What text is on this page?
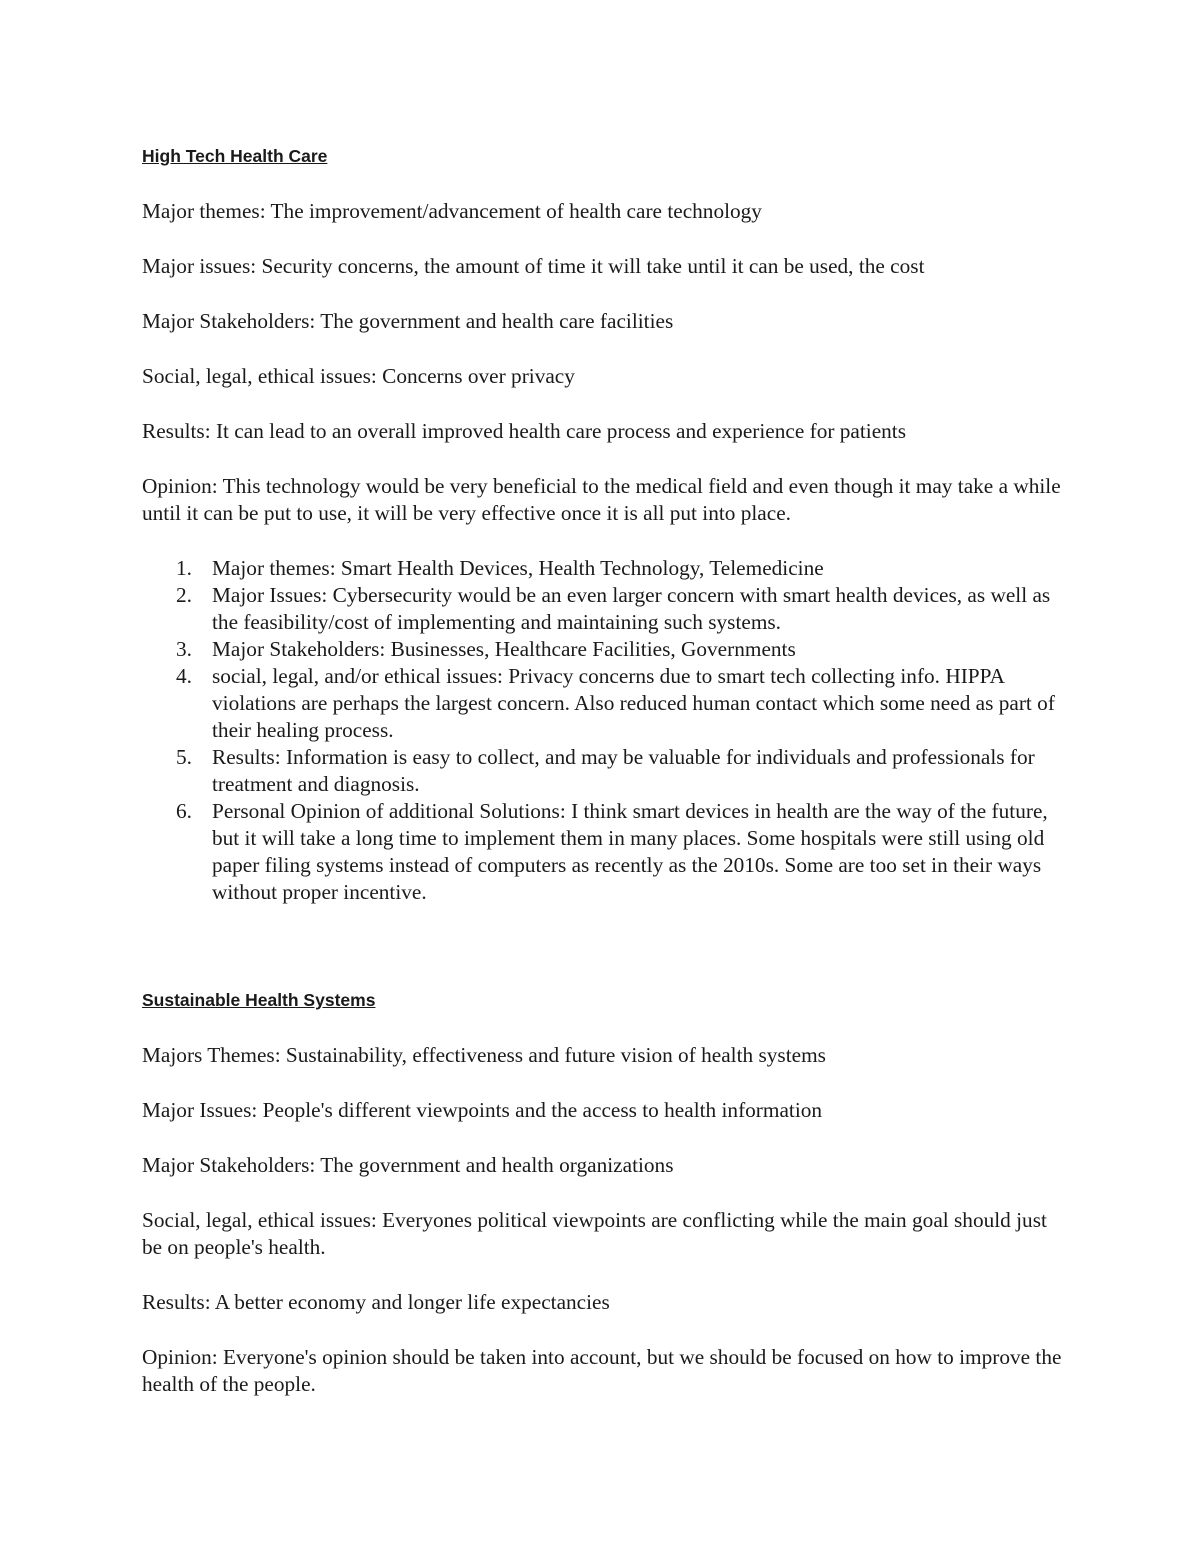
High Tech Health Care

Major themes: The improvement/advancement of health care technology

Major issues: Security concerns, the amount of time it will take until it can be used, the cost

Major Stakeholders: The government and health care facilities

Social, legal, ethical issues: Concerns over privacy

Results: It can lead to an overall improved health care process and experience for patients

Opinion: This technology would be very beneficial to the medical field and even though it may take a while until it can be put to use, it will be very effective once it is all put into place.

1. Major themes: Smart Health Devices, Health Technology, Telemedicine
2. Major Issues: Cybersecurity would be an even larger concern with smart health devices, as well as the feasibility/cost of implementing and maintaining such systems.
3. Major Stakeholders: Businesses, Healthcare Facilities, Governments
4. social, legal, and/or ethical issues: Privacy concerns due to smart tech collecting info. HIPPA violations are perhaps the largest concern. Also reduced human contact which some need as part of their healing process.
5. Results: Information is easy to collect, and may be valuable for individuals and professionals for treatment and diagnosis.
6. Personal Opinion of additional Solutions: I think smart devices in health are the way of the future, but it will take a long time to implement them in many places. Some hospitals were still using old paper filing systems instead of computers as recently as the 2010s. Some are too set in their ways without proper incentive.

Sustainable Health Systems

Majors Themes: Sustainability, effectiveness and future vision of health systems

Major Issues: People's different viewpoints and the access to health information

Major Stakeholders: The government and health organizations

Social, legal, ethical issues: Everyones political viewpoints are conflicting while the main goal should just be on people's health.

Results: A better economy and longer life expectancies

Opinion: Everyone's opinion should be taken into account, but we should be focused on how to improve the health of the people.
